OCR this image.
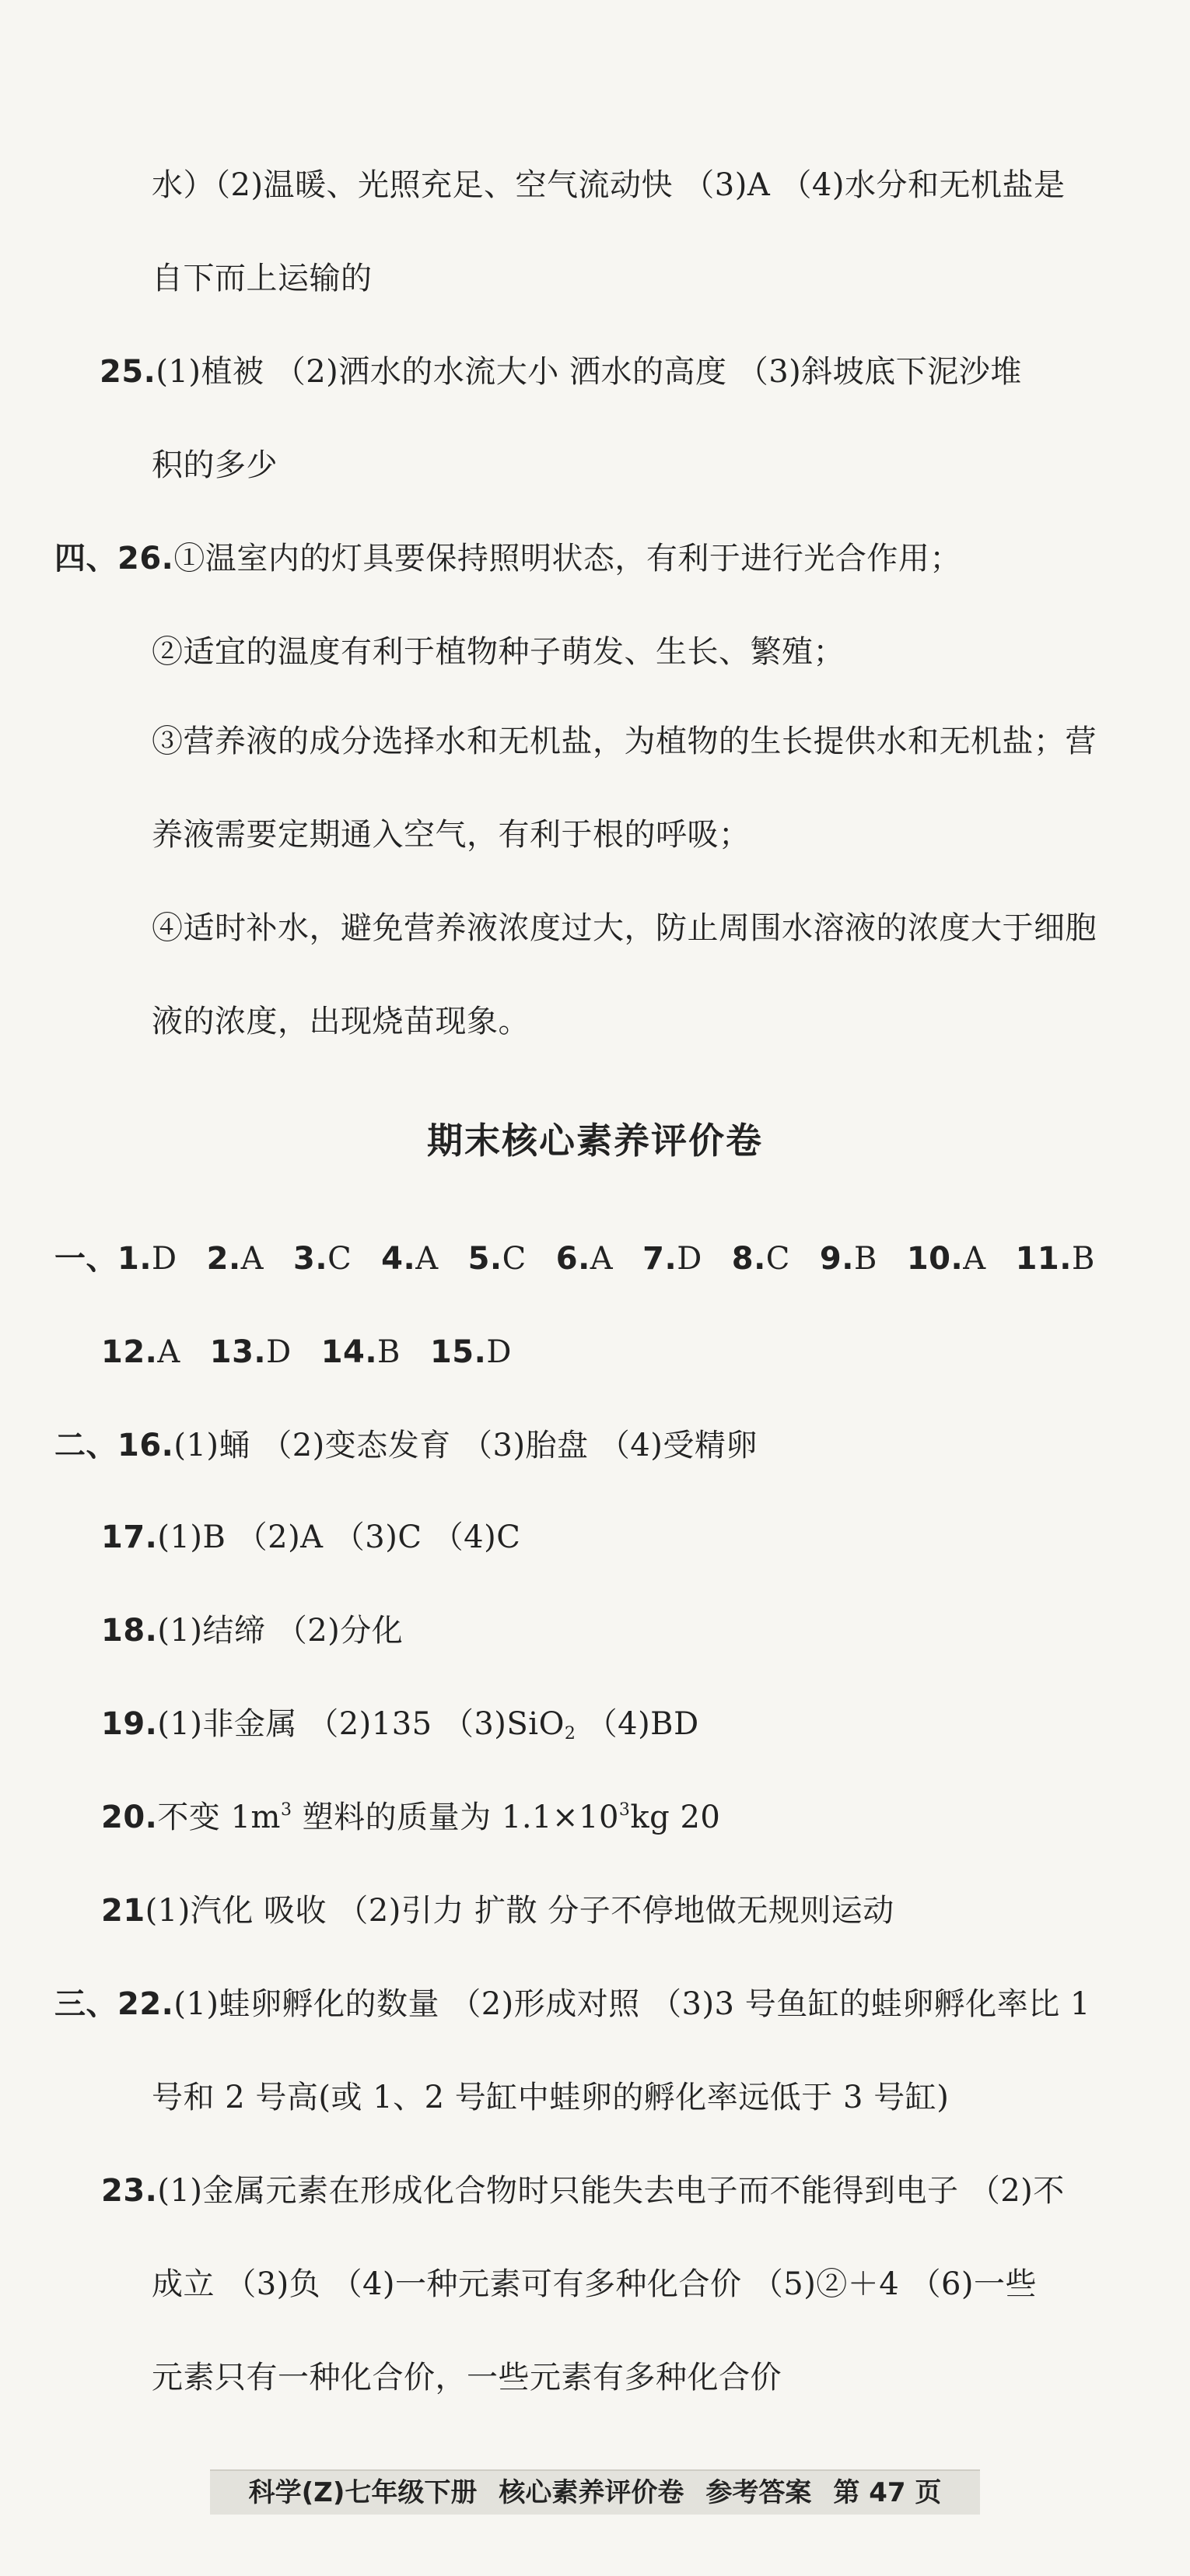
水）（2)温暖、光照充足、空气流动快 （3)A （4)水分和无机盐是
自下而上运输的
25.(1)植被 （2)洒水的水流大小 洒水的高度 （3)斜坡底下泥沙堆
积的多少
四、26.①温室内的灯具要保持照明状态，有利于进行光合作用；
②适宜的温度有利于植物种子萌发、生长、繁殖；
③营养液的成分选择水和无机盐，为植物的生长提供水和无机盐；营
养液需要定期通入空气，有利于根的呼吸；
④适时补水，避免营养液浓度过大，防止周围水溶液的浓度大于细胞
液的浓度，出现烧苗现象。
期末核心素养评价卷
一、1.D 2.A 3.C 4.A 5.C 6.A 7.D 8.C 9.B 10.A 11.B
12.A 13.D 14.B 15.D
二、16.(1)蛹 （2)变态发育 （3)胎盘 （4)受精卵
17.(1)B （2)A （3)C （4)C
18.(1)结缔 （2)分化
19.(1)非金属 （2)135 （3)SiO$_2$ （4)BD
20.不变 $1m^3$ 塑料的质量为 $1.1\times 10^3kg$ 20
21(1)汽化 吸收 （2)引力 扩散 分子不停地做无规则运动
三、22.(1)蛙卵孵化的数量 （2)形成对照 （3)3 号鱼缸的蛙卵孵化率比 1
号和 2 号高(或 1、2 号缸中蛙卵的孵化率远低于 3 号缸)
23.(1)金属元素在形成化合物时只能失去电子而不能得到电子 （2)不
成立 （3)负 （4)一种元素可有多种化合价 （5)②＋4 （6)一些
元素只有一种化合价，一些元素有多种化合价
科学(Z)七年级下册 核心素养评价卷 参考答案 第 47 页
